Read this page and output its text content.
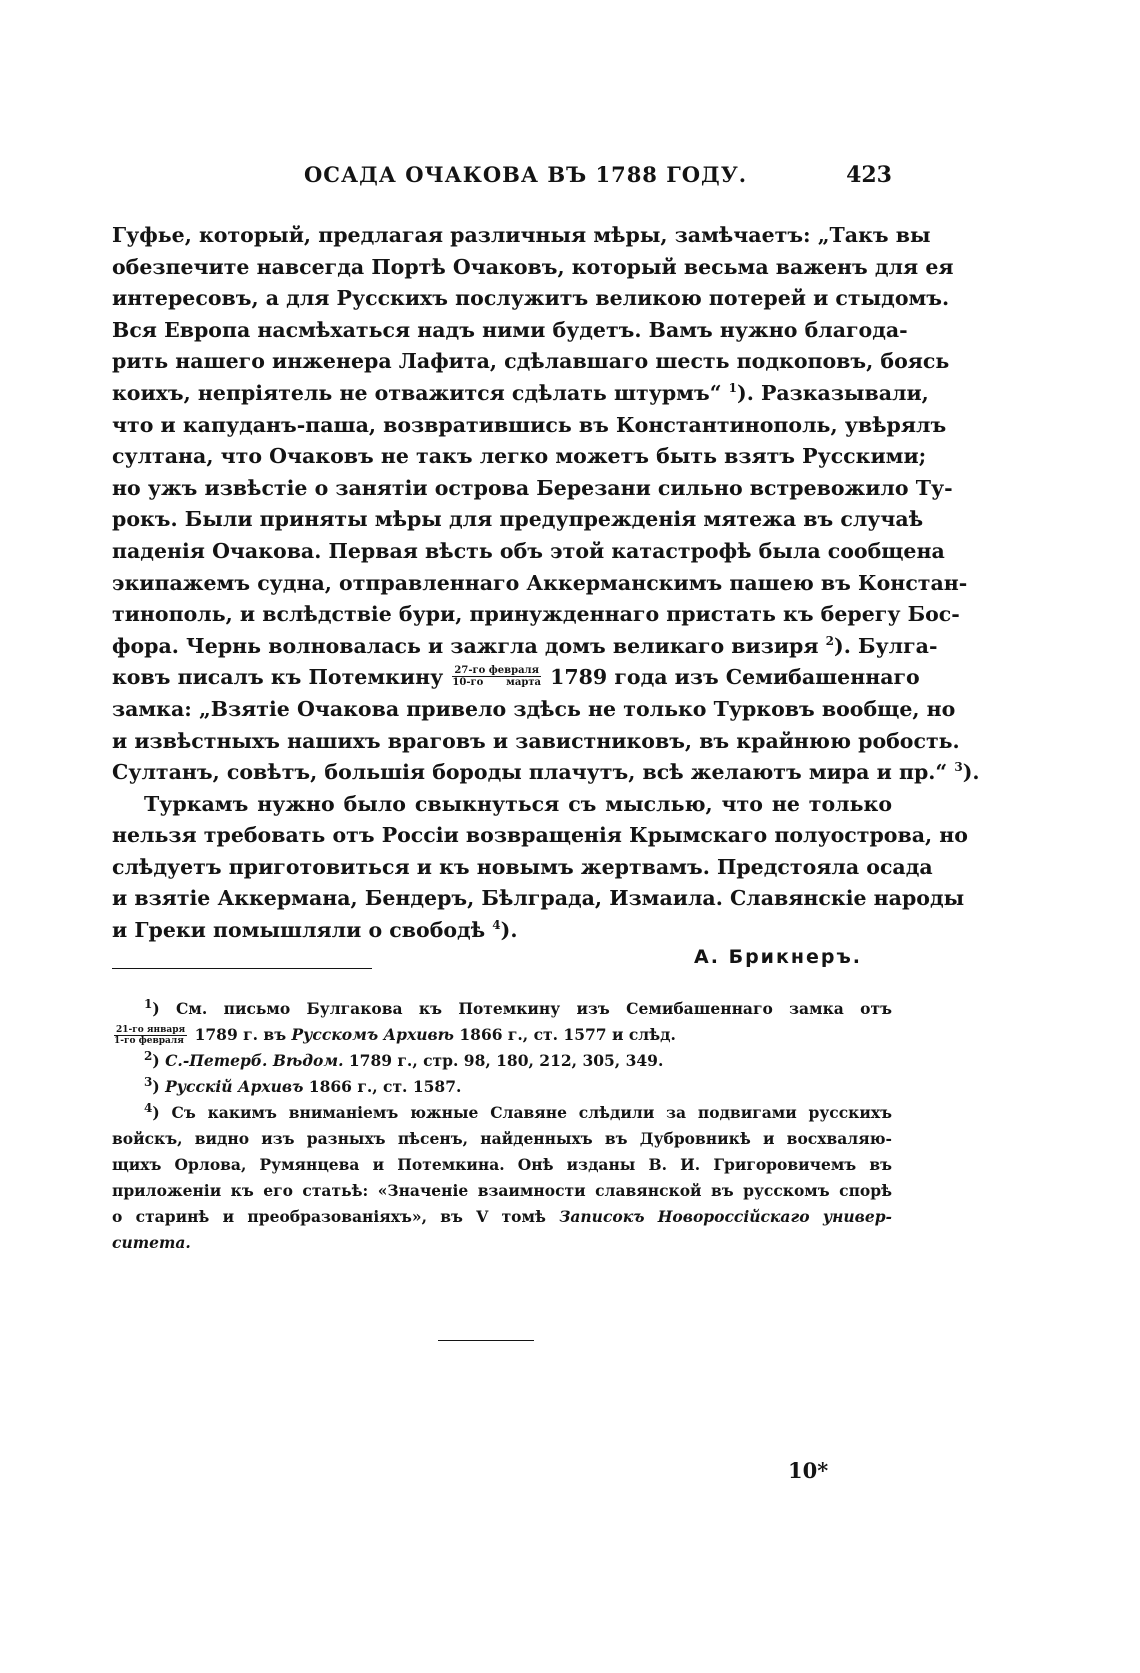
ОСАДА ОЧАКОВА ВЪ 1788 ГОДУ.	423
Гуфье, который, предлагая различныя мѣры, замѣчаетъ: „Такъ вы
обезпечите навсегда Портѣ Очаковъ, который весьма важенъ для ея
интересовъ, а для Русскихъ послужитъ великою потерей и стыдомъ.
Вся Европа насмѣхаться надъ ними будетъ. Вамъ нужно благода-
рить нашего инженера Лафита, сдѣлавшаго шесть подкоповъ, боясь
коихъ, непріятель не отважится сдѣлать штурмъ“ $^1$). Разказывали,
что и капуданъ-паша, возвратившись въ Константинополь, увѣрялъ
султана, что Очаковъ не такъ легко можетъ быть взятъ Русскими;
но ужъ извѣстіе о занятіи острова Березани сильно встревожило Ту-
рокъ. Были приняты мѣры для предупрежденія мятежа въ случаѣ
паденія Очакова. Первая вѣсть объ этой катастрофѣ была сообщена
экипажемъ судна, отправленнаго Аккерманскимъ пашею въ Констан-
тинополь, и вслѣдствіе бури, принужденнаго пристать къ берегу Бос-
фора. Чернь волновалась и зажгла домъ великаго визиря $^2$). Булга-
ковъ писалъ къ Потемкину $\frac{\text{27-го февраля}}{\text{10-го марта}} 1789$ года изъ Семибашеннаго
замка: „Взятіе Очакова привело здѣсь не только Турковъ вообще, но
и извѣстныхъ нашихъ враговъ и завистниковъ, въ крайнюю робость.
Султанъ, совѣтъ, большія бороды плачутъ, всѣ желаютъ мира и пр.“ $^3$).
Туркамъ нужно было свыкнуться съ мыслью, что не только
нельзя требовать отъ Россіи возвращенія Крымскаго полуострова, но
слѣдуетъ приготовиться и къ новымъ жертвамъ. Предстояла осада
и взятіе Аккермана, Бендеръ, Бѣлграда, Измаила. Славянскіе народы
и Греки помышляли о свободѣ $^4$).
А. Брикнеръ.
$^1$) См. письмо Булгакова къ Потемкину изъ Семибашеннаго замка отъ
$\frac{\text{21-го января}}{\text{1-го февраля}} 1789$ г. въ Русскомъ Архивѣ 1866 г., ст. 1577 и слѣд.
$^2$) С.-Петерб. Вѣдом. 1789 г., стр. 98, 180, 212, 305, 349.
$^3$) Русскій Архивъ 1866 г., ст. 1587.
$^4$) Съ какимъ вниманіемъ южные Славяне слѣдили за подвигами русскихъ
войскъ, видно изъ разныхъ пѣсенъ, найденныхъ въ Дубровникѣ и восхваляю-
щихъ Орлова, Румянцева и Потемкина. Онѣ изданы В. И. Григоровичемъ въ
приложеніи къ его статьѣ: «Значеніе взаимности славянской въ русскомъ спорѣ
о старинѣ и преобразованіяхъ», въ V томѣ Записокъ Новороссійскаго универ-
ситета.
10*
